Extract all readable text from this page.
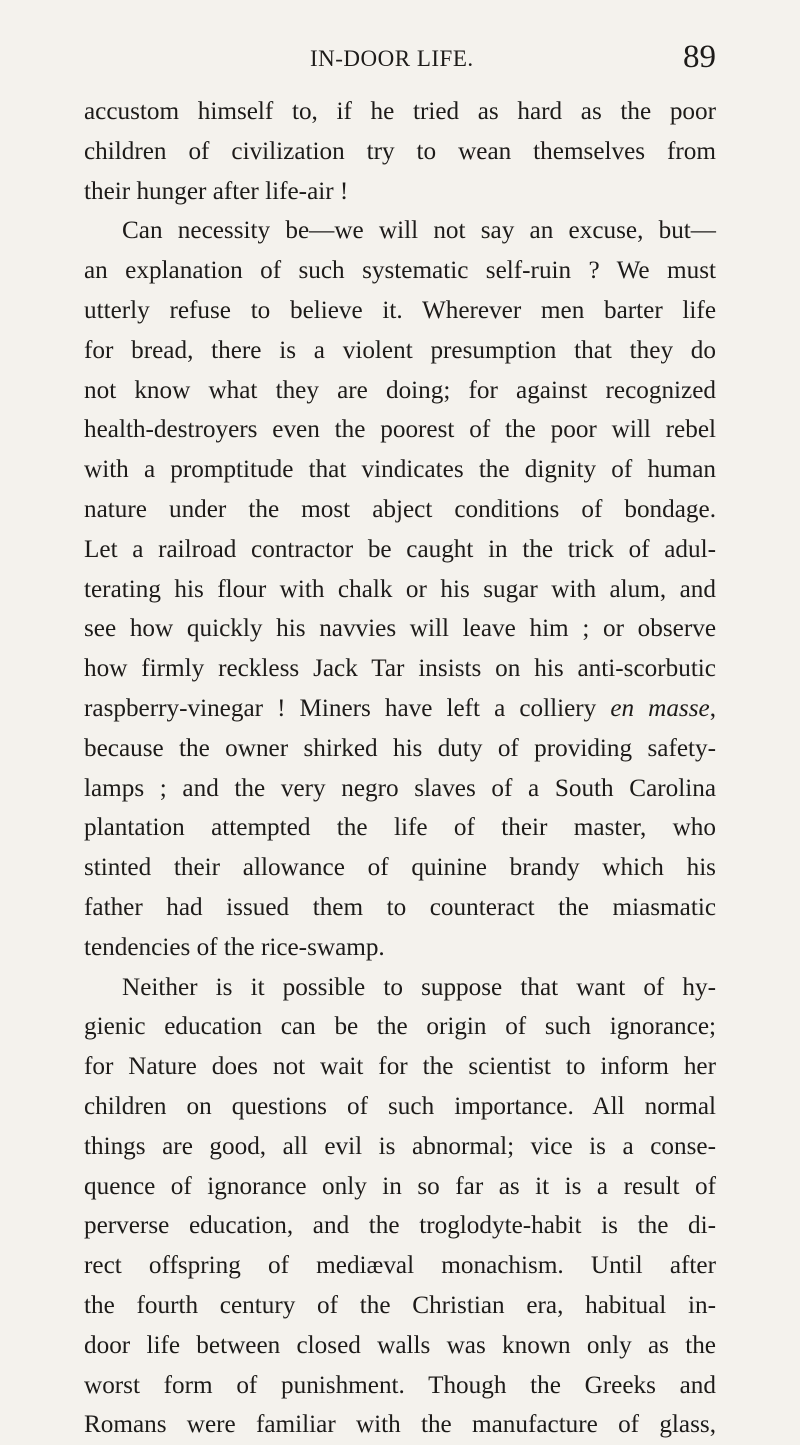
IN-DOOR LIFE.	89
accustom himself to, if he tried as hard as the poor
children of civilization try to wean themselves from
their hunger after life-air !
Can necessity be—we will not say an excuse, but—
an explanation of such systematic self-ruin ? We must
utterly refuse to believe it. Wherever men barter life
for bread, there is a violent presumption that they do
not know what they are doing; for against recognized
health-destroyers even the poorest of the poor will rebel
with a promptitude that vindicates the dignity of human
nature under the most abject conditions of bondage.
Let a railroad contractor be caught in the trick of adul-
terating his flour with chalk or his sugar with alum, and
see how quickly his navvies will leave him ; or observe
how firmly reckless Jack Tar insists on his anti-scorbutic
raspberry-vinegar ! Miners have left a colliery en masse,
because the owner shirked his duty of providing safety-
lamps ; and the very negro slaves of a South Carolina
plantation attempted the life of their master, who
stinted their allowance of quinine brandy which his
father had issued them to counteract the miasmatic
tendencies of the rice-swamp.
Neither is it possible to suppose that want of hy-
gienic education can be the origin of such ignorance;
for Nature does not wait for the scientist to inform her
children on questions of such importance. All normal
things are good, all evil is abnormal; vice is a conse-
quence of ignorance only in so far as it is a result of
perverse education, and the troglodyte-habit is the di-
rect offspring of mediæval monachism. Until after
the fourth century of the Christian era, habitual in-
door life between closed walls was known only as the
worst form of punishment. Though the Greeks and
Romans were familiar with the manufacture of glass,
